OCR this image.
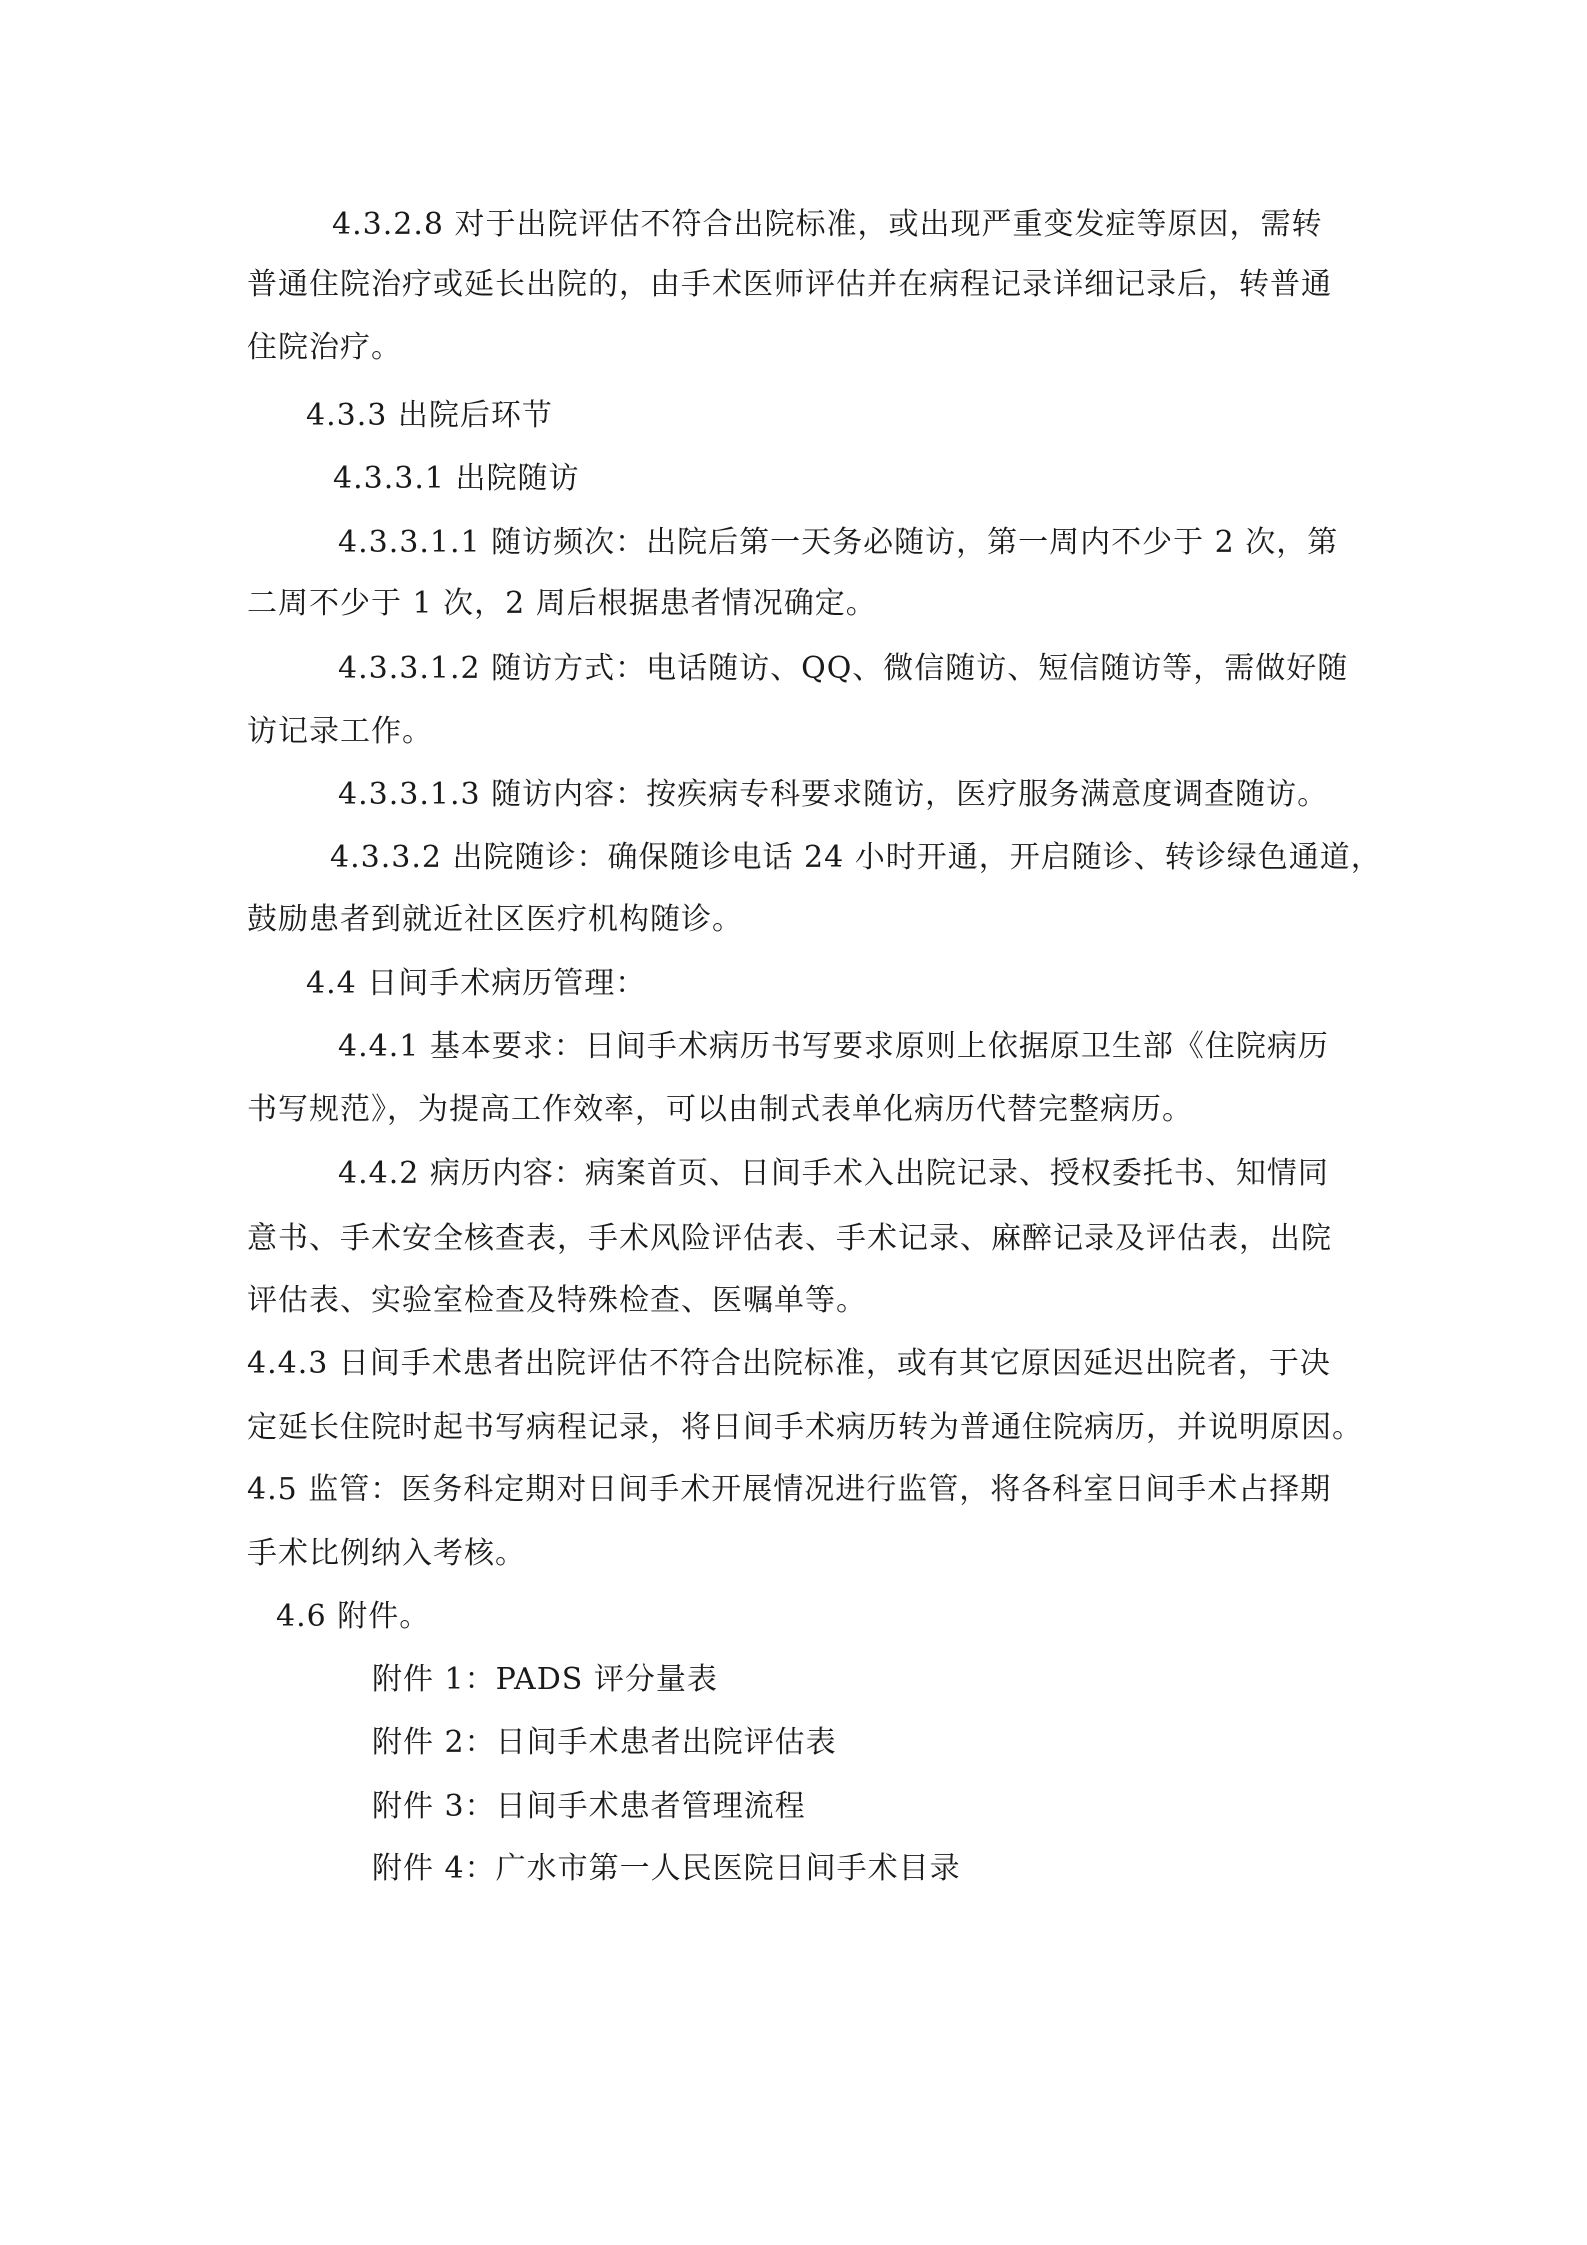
4.3.2.8 对于出院评估不符合出院标准，或出现严重变发症等原因，需转
普通住院治疗或延长出院的，由手术医师评估并在病程记录详细记录后，转普通
住院治疗。
4.3.3 出院后环节
4.3.3.1 出院随访
4.3.3.1.1 随访频次：出院后第一天务必随访，第一周内不少于 2 次，第
二周不少于 1 次，2 周后根据患者情况确定。
4.3.3.1.2 随访方式：电话随访、QQ、微信随访、短信随访等，需做好随
访记录工作。
4.3.3.1.3 随访内容：按疾病专科要求随访，医疗服务满意度调查随访。
4.3.3.2 出院随诊：确保随诊电话 24 小时开通，开启随诊、转诊绿色通道，
鼓励患者到就近社区医疗机构随诊。
4.4 日间手术病历管理：
4.4.1 基本要求：日间手术病历书写要求原则上依据原卫生部《住院病历
书写规范》，为提高工作效率，可以由制式表单化病历代替完整病历。
4.4.2 病历内容：病案首页、日间手术入出院记录、授权委托书、知情同
意书、手术安全核查表，手术风险评估表、手术记录、麻醉记录及评估表，出院
评估表、实验室检查及特殊检查、医嘱单等。
4.4.3 日间手术患者出院评估不符合出院标准，或有其它原因延迟出院者，于决
定延长住院时起书写病程记录，将日间手术病历转为普通住院病历，并说明原因。
4.5 监管：医务科定期对日间手术开展情况进行监管，将各科室日间手术占择期
手术比例纳入考核。
4.6 附件。
附件 1：PADS 评分量表
附件 2：日间手术患者出院评估表
附件 3：日间手术患者管理流程
附件 4：广水市第一人民医院日间手术目录
